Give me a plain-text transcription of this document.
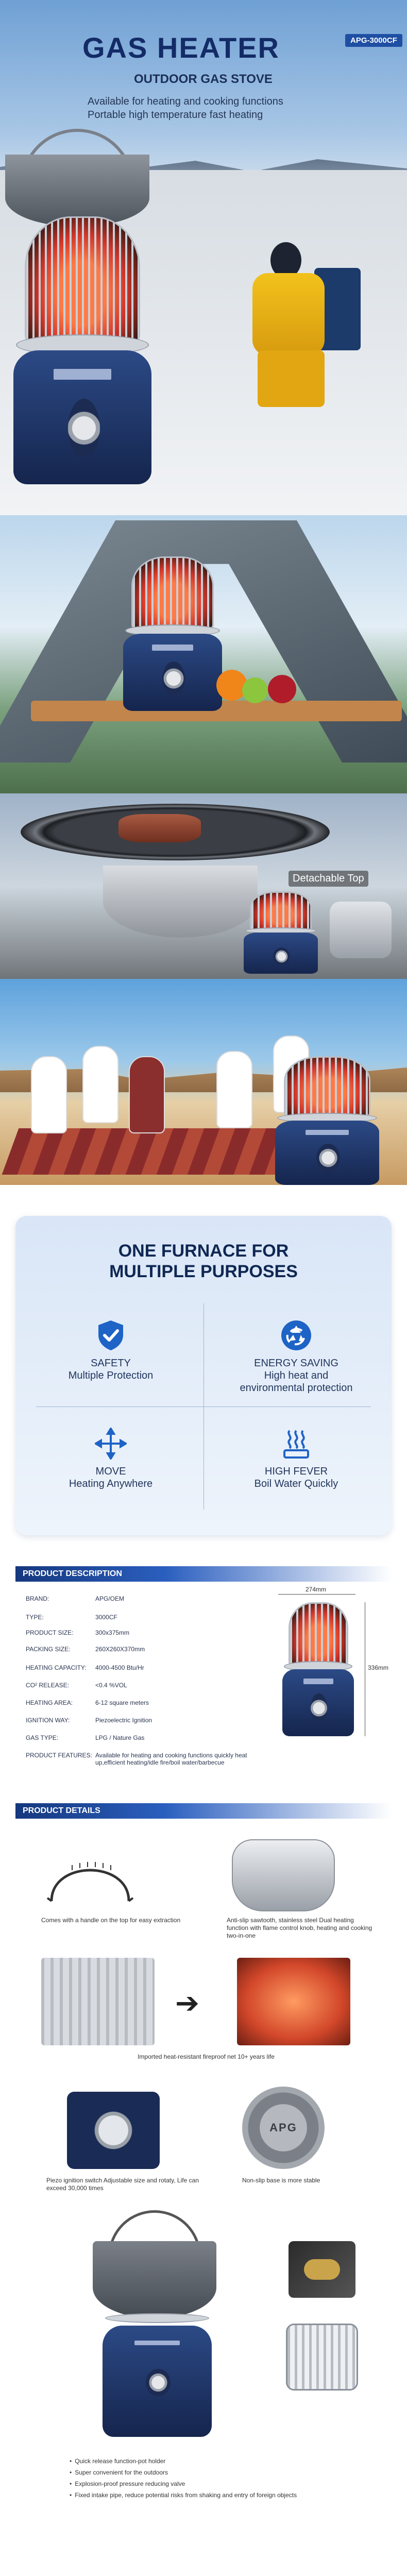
GAS HEATER	APG-3000CF
OUTDOOR GAS STOVE
Available for heating and cooking functions
Portable high temperature fast heating
Detachable Top
ONE FURNACE FOR
MULTIPLE PURPOSES
SAFETY
Multiple Protection
ENERGY SAVING
High heat and environmental protection
MOVE
Heating Anywhere
HIGH FEVER
Boil Water Quickly
PRODUCT DESCRIPTION
BRAND:	APG/OEM
TYPE:	3000CF
PRODUCT SIZE:	300x375mm
PACKING SIZE:	260X260X370mm
HEATING CAPACITY: 4000-4500 Btu/Hr
CO² RELEASE:	<0.4 %VOL
HEATING AREA:	6-12 square meters
IGNITION WAY:	Piezoelectric Ignition
GAS TYPE:	LPG / Nature Gas
PRODUCT FEATURES: Available for heating and cooking functions quickly heat up,efficient heating/idle fire/boil water/barbecue
274mm
336mm
PRODUCT DETAILS
Comes with a handle on the top for easy extraction	Anti-slip sawtooth, stainless steel Dual heating function with flame control knob, heating and cooking two-in-one
➔
Imported heat-resistant fireproof net 10+ years life
Piezo ignition switch Adjustable size and rotaty, Life can exceed 30,000 times
APG
Non-slip base is more stable
• Quick release function-pot holder
• Super convenient for the outdoors
• Explosion-proof pressure reducing valve
• Fixed intake pipe, reduce potential risks from shaking and entry of foreign objects
